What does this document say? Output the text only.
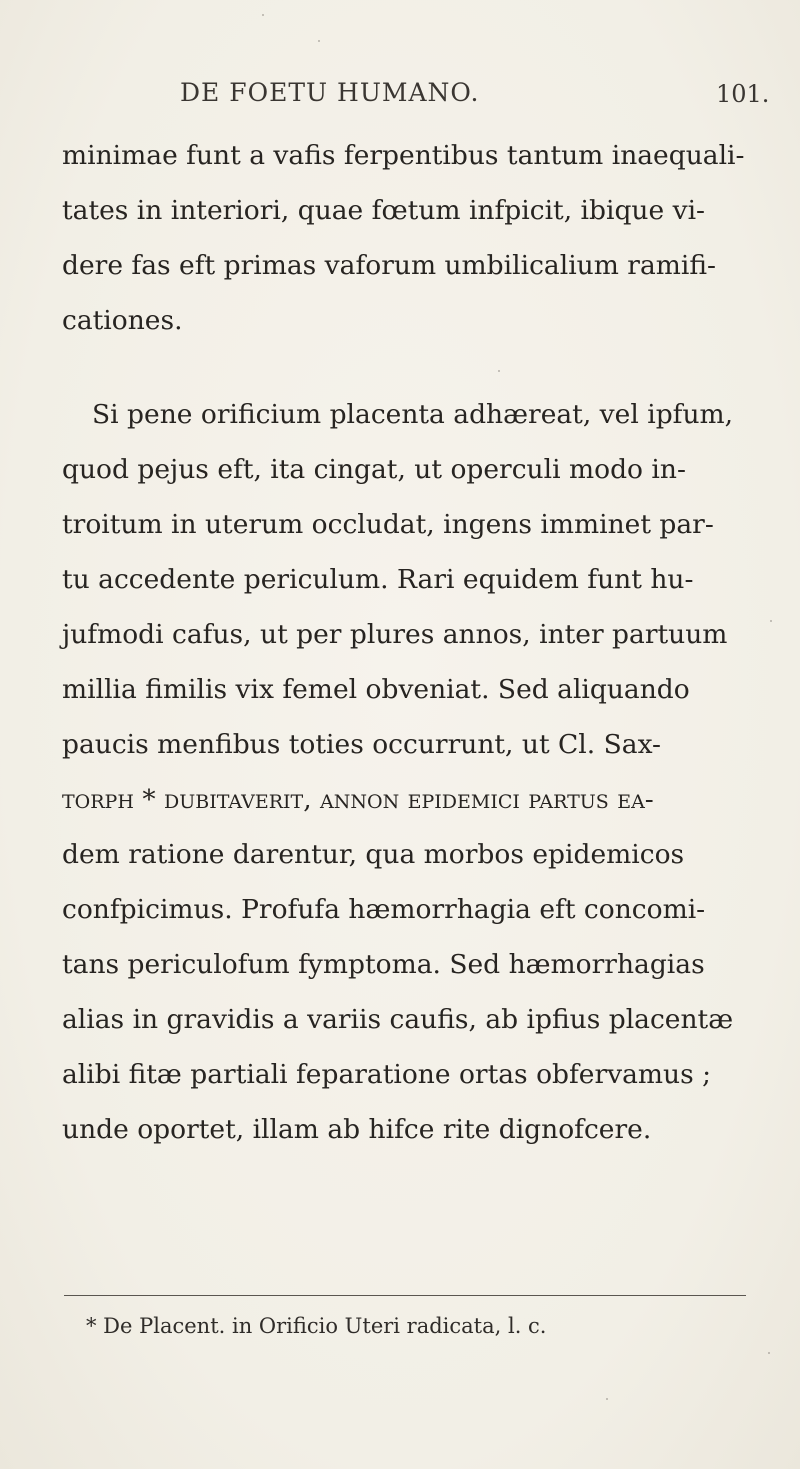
DE FOETU HUMANO.	101.
minimae funt a vafis ferpentibus tantum inaequali-
tates in interiori, quae fœtum infpicit, ibique vi-
dere fas eft primas vaforum umbilicalium ramifi-
cationes.
Si pene orificium placenta adhæreat, vel ipfum,
quod pejus eft, ita cingat, ut operculi modo in-
troitum in uterum occludat, ingens imminet par-
tu accedente periculum. Rari equidem funt hu-
jufmodi cafus, ut per plures annos, inter partuum
millia fimilis vix femel obveniat. Sed aliquando
paucis menfibus toties occurrunt, ut Cl. Sax-
torph * dubitaverit, annon epidemici partus ea-
dem ratione darentur, qua morbos epidemicos
confpicimus. Profufa hæmorrhagia eft concomi-
tans periculofum fymptoma. Sed hæmorrhagias
alias in gravidis a variis caufis, ab ipfius placentæ
alibi fitæ partiali feparatione ortas obfervamus ;
unde oportet, illam ab hifce rite dignofcere.
* De Placent. in Orificio Uteri radicata, l. c.
